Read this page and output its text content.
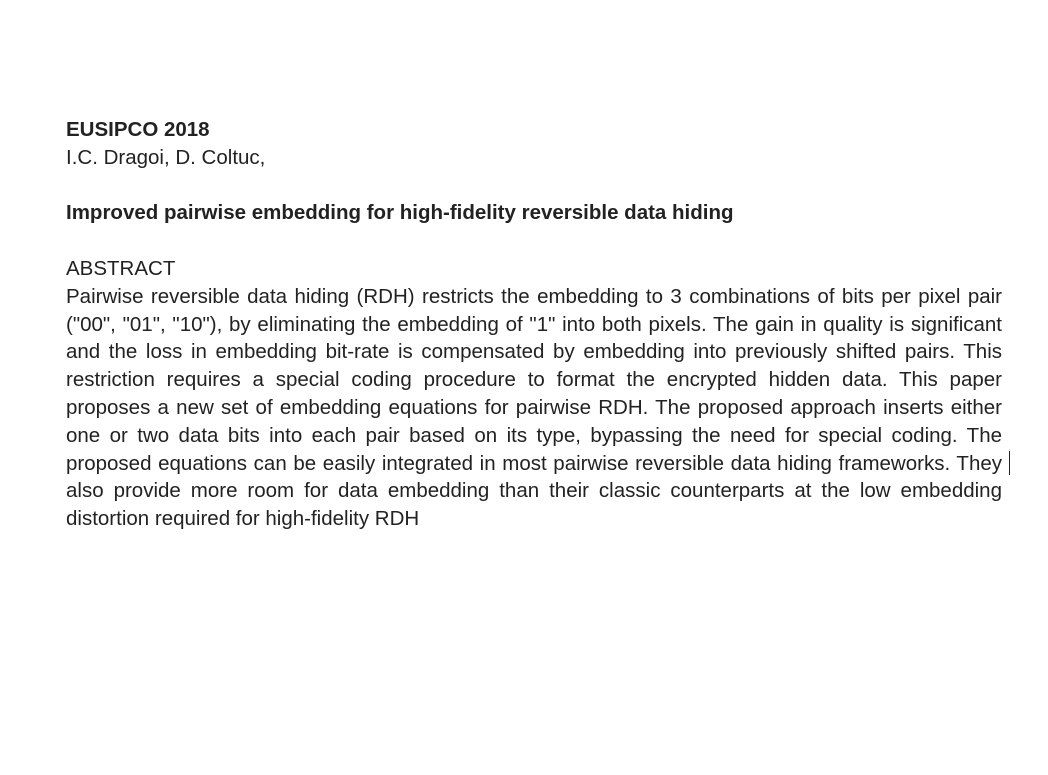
EUSIPCO 2018
I.C. Dragoi, D. Coltuc,
Improved pairwise embedding for high-fidelity reversible data hiding
ABSTRACT
Pairwise reversible data hiding (RDH) restricts the embedding to 3 combinations of bits per pixel pair ("00", "01", "10"), by eliminating the embedding of "1" into both pixels. The gain in quality is significant and the loss in embedding bit-rate is compensated by embedding into previously shifted pairs. This restriction requires a special coding procedure to format the encrypted hidden data. This paper proposes a new set of embedding equations for pairwise RDH. The proposed approach inserts either one or two data bits into each pair based on its type, bypassing the need for special coding. The proposed equations can be easily integrated in most pairwise reversible data hiding frameworks. They also provide more room for data embedding than their classic counterparts at the low embedding distortion required for high-fidelity RDH
